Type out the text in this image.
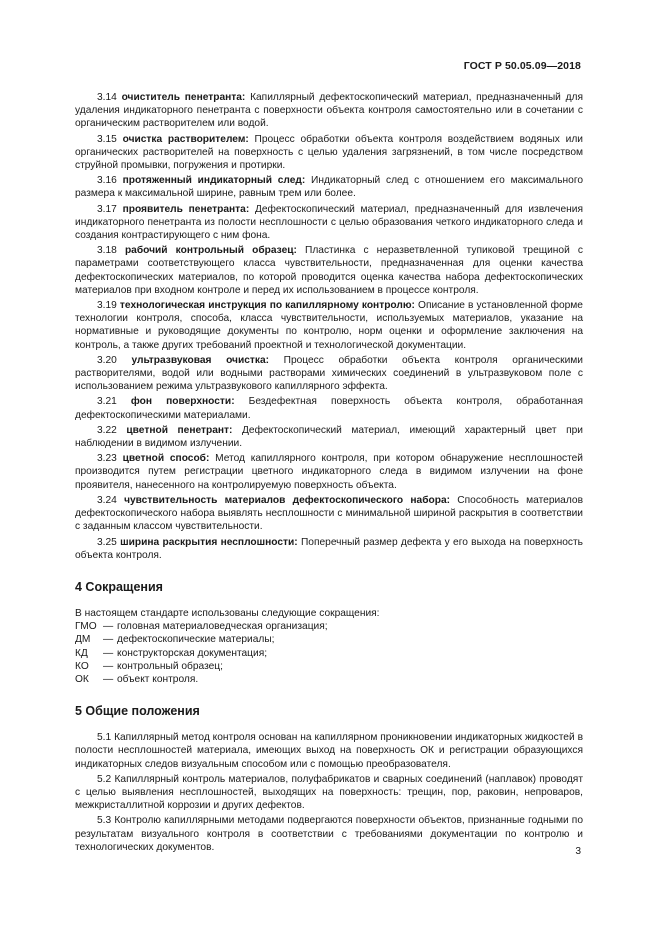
ГОСТ Р 50.05.09—2018

3.14 очиститель пенетранта: Капиллярный дефектоскопический материал, предназначенный для удаления индикаторного пенетранта с поверхности объекта контроля самостоятельно или в сочетании с органическим растворителем или водой.

3.15 очистка растворителем: Процесс обработки объекта контроля воздействием водяных или органических растворителей на поверхность с целью удаления загрязнений, в том числе посредством струйной промывки, погружения и протирки.

3.16 протяженный индикаторный след: Индикаторный след с отношением его максимального размера к максимальной ширине, равным трем или более.

3.17 проявитель пенетранта: Дефектоскопический материал, предназначенный для извлечения индикаторного пенетранта из полости несплошности с целью образования четкого индикаторного следа и создания контрастирующего с ним фона.

3.18 рабочий контрольный образец: Пластинка с неразветвленной тупиковой трещиной с параметрами соответствующего класса чувствительности, предназначенная для оценки качества дефектоскопических материалов, по которой проводится оценка качества набора дефектоскопических материалов при входном контроле и перед их использованием в процессе контроля.

3.19 технологическая инструкция по капиллярному контролю: Описание в установленной форме технологии контроля, способа, класса чувствительности, используемых материалов, указание на нормативные и руководящие документы по контролю, норм оценки и оформление заключения на контроль, а также других требований проектной и технологической документации.

3.20 ультразвуковая очистка: Процесс обработки объекта контроля органическими растворителями, водой или водными растворами химических соединений в ультразвуковом поле с использованием режима ультразвукового капиллярного эффекта.

3.21 фон поверхности: Бездефектная поверхность объекта контроля, обработанная дефектоскопическими материалами.

3.22 цветной пенетрант: Дефектоскопический материал, имеющий характерный цвет при наблюдении в видимом излучении.

3.23 цветной способ: Метод капиллярного контроля, при котором обнаружение несплошностей производится путем регистрации цветного индикаторного следа в видимом излучении на фоне проявителя, нанесенного на контролируемую поверхность объекта.

3.24 чувствительность материалов дефектоскопического набора: Способность материалов дефектоскопического набора выявлять несплошности с минимальной шириной раскрытия в соответствии с заданным классом чувствительности.

3.25 ширина раскрытия несплошности: Поперечный размер дефекта у его выхода на поверхность объекта контроля.

4 Сокращения
В настоящем стандарте использованы следующие сокращения:
ГМО — головная материаловедческая организация;
ДМ	— дефектоскопические материалы;
КД	— конструкторская документация;
КО	— контрольный образец;
ОК	— объект контроля.
5 Общие положения

5.1 Капиллярный метод контроля основан на капиллярном проникновении индикаторных жидкостей в полости несплошностей материала, имеющих выход на поверхность ОК и регистрации образующихся индикаторных следов визуальным способом или с помощью преобразователя.

5.2 Капиллярный контроль материалов, полуфабрикатов и сварных соединений (наплавок) проводят с целью выявления несплошностей, выходящих на поверхность: трещин, пор, раковин, непроваров, межкристаллитной коррозии и других дефектов.

5.3 Контролю капиллярными методами подвергаются поверхности объектов, признанные годными по результатам визуального контроля в соответствии с требованиями документации по контролю и технологических документов.	3
